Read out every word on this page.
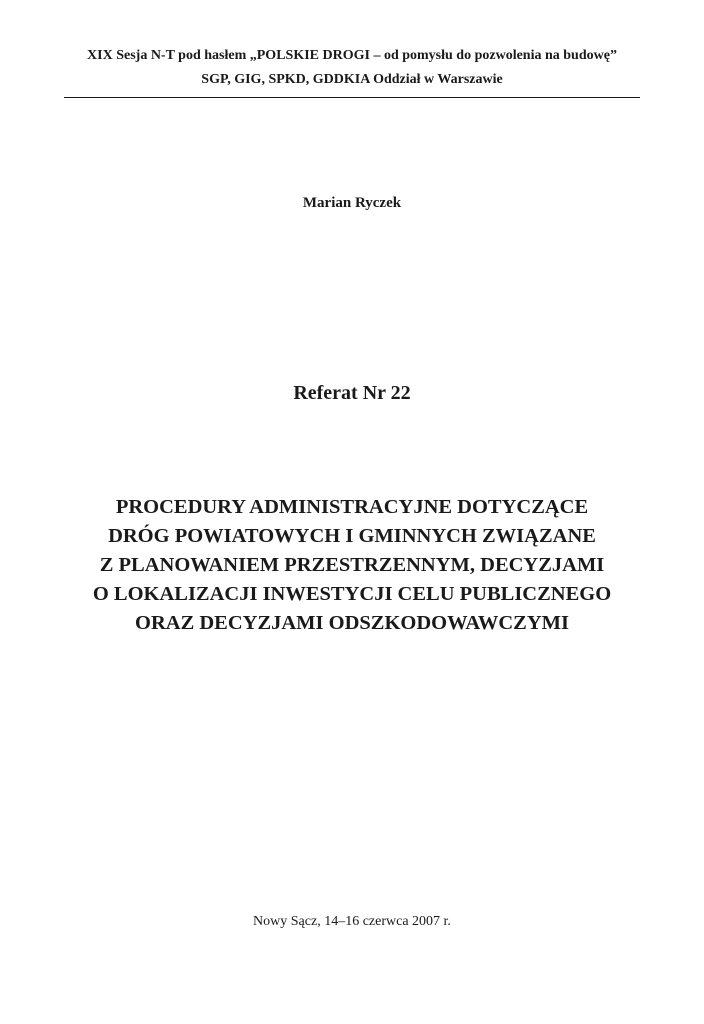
XIX Sesja N-T pod hasłem „POLSKIE DROGI – od pomysłu do pozwolenia na budowę”
SGP, GIG, SPKD, GDDKIA Oddział w Warszawie
Marian Ryczek
Referat Nr 22
PROCEDURY ADMINISTRACYJNE DOTYCZĄCE
DRÓG POWIATOWYCH I GMINNYCH ZWIĄZANE
Z PLANOWANIEM PRZESTRZENNYM, DECYZJAMI
O LOKALIZACJI INWESTYCJI CELU PUBLICZNEGO
ORAZ DECYZJAMI ODSZKODOWAWCZYMI
Nowy Sącz, 14–16 czerwca 2007 r.
